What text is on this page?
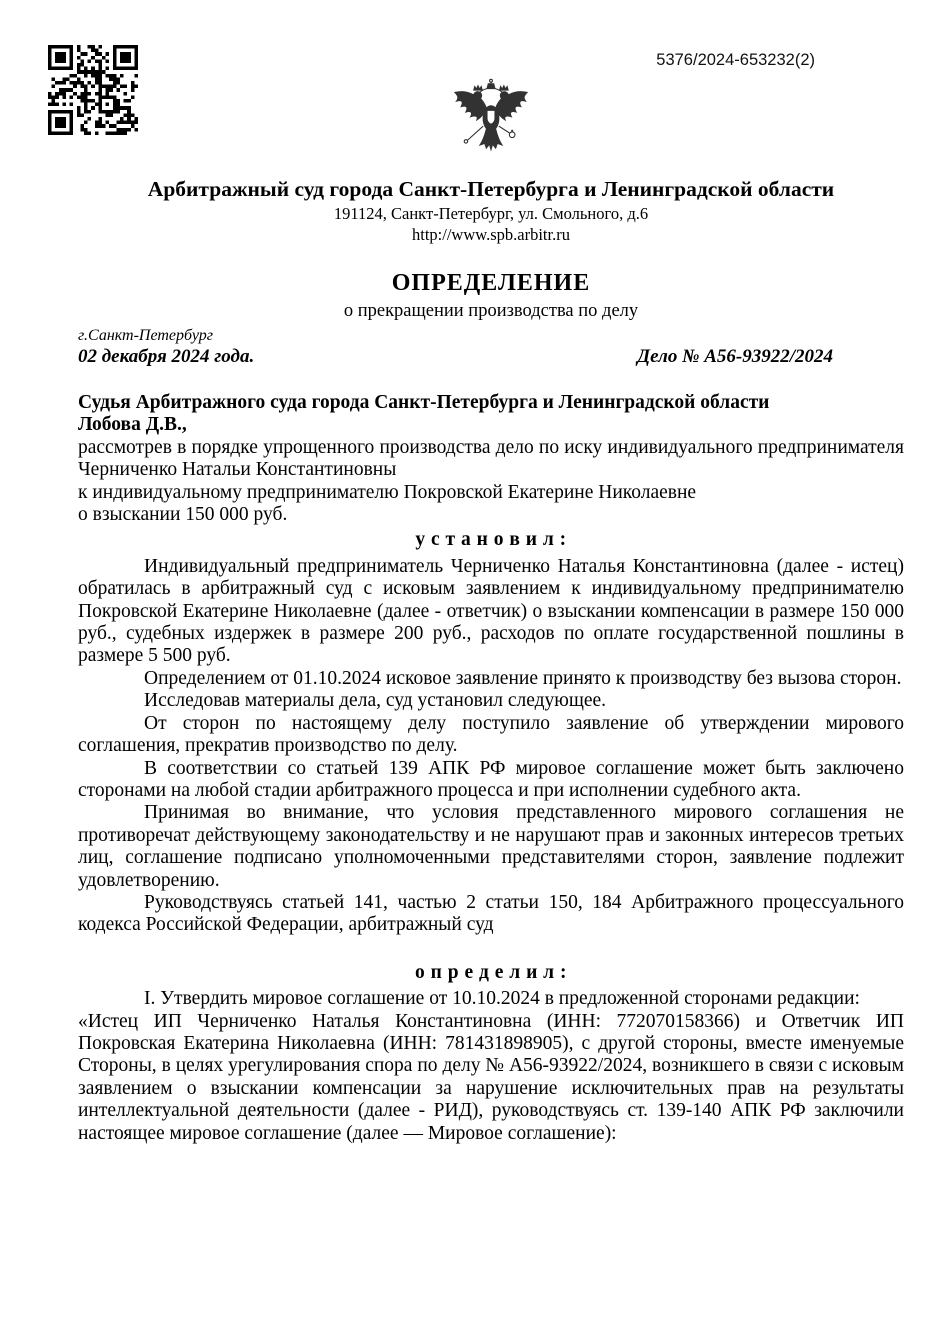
5376/2024-653232(2)

Арбитражный суд города Санкт-Петербурга и Ленинградской области

191124, Санкт-Петербург, ул. Смольного, д.6

http://www.spb.arbitr.ru

ОПРЕДЕЛЕНИЕ

о прекращении производства по делу

г.Санкт-Петербург

02 декабря 2024 года.	Дело № А56-93922/2024

Судья Арбитражного суда города Санкт-Петербурга и Ленинградской области

Лобова Д.В.,

рассмотрев в порядке упрощенного производства дело по иску индивидуального предпринимателя Черниченко Натальи Константиновны

к индивидуальному предпринимателю Покровской Екатерине Николаевне

о взыскании 150 000 руб.

у с т а н о в и л :

Индивидуальный предприниматель Черниченко Наталья Константиновна (далее - истец) обратилась в арбитражный суд с исковым заявлением к индивидуальному предпринимателю Покровской Екатерине Николаевне (далее - ответчик) о взыскании компенсации в размере 150 000 руб., судебных издержек в размере 200 руб., расходов по оплате государственной пошлины в размере 5 500 руб.

Определением от 01.10.2024 исковое заявление принято к производству без вызова сторон.

Исследовав материалы дела, суд установил следующее.

От сторон по настоящему делу поступило заявление об утверждении мирового соглашения, прекратив производство по делу.

В соответствии со статьей 139 АПК РФ мировое соглашение может быть заключено сторонами на любой стадии арбитражного процесса и при исполнении судебного акта.

Принимая во внимание, что условия представленного мирового соглашения не противоречат действующему законодательству и не нарушают прав и законных интересов третьих лиц, соглашение подписано уполномоченными представителями сторон, заявление подлежит удовлетворению.

Руководствуясь статьей 141, частью 2 статьи 150, 184 Арбитражного процессуального кодекса Российской Федерации, арбитражный суд

о п р е д е л и л :

I. Утвердить мировое соглашение от 10.10.2024 в предложенной сторонами редакции:

«Истец ИП Черниченко Наталья Константиновна (ИНН: 772070158366) и Ответчик ИП Покровская Екатерина Николаевна (ИНН: 781431898905), с другой стороны, вместе именуемые Стороны, в целях урегулирования спора по делу № А56-93922/2024, возникшего в связи с исковым заявлением о взыскании компенсации за нарушение исключительных прав на результаты интеллектуальной деятельности (далее - РИД), руководствуясь ст. 139-140 АПК РФ заключили настоящее мировое соглашение (далее — Мировое соглашение):
